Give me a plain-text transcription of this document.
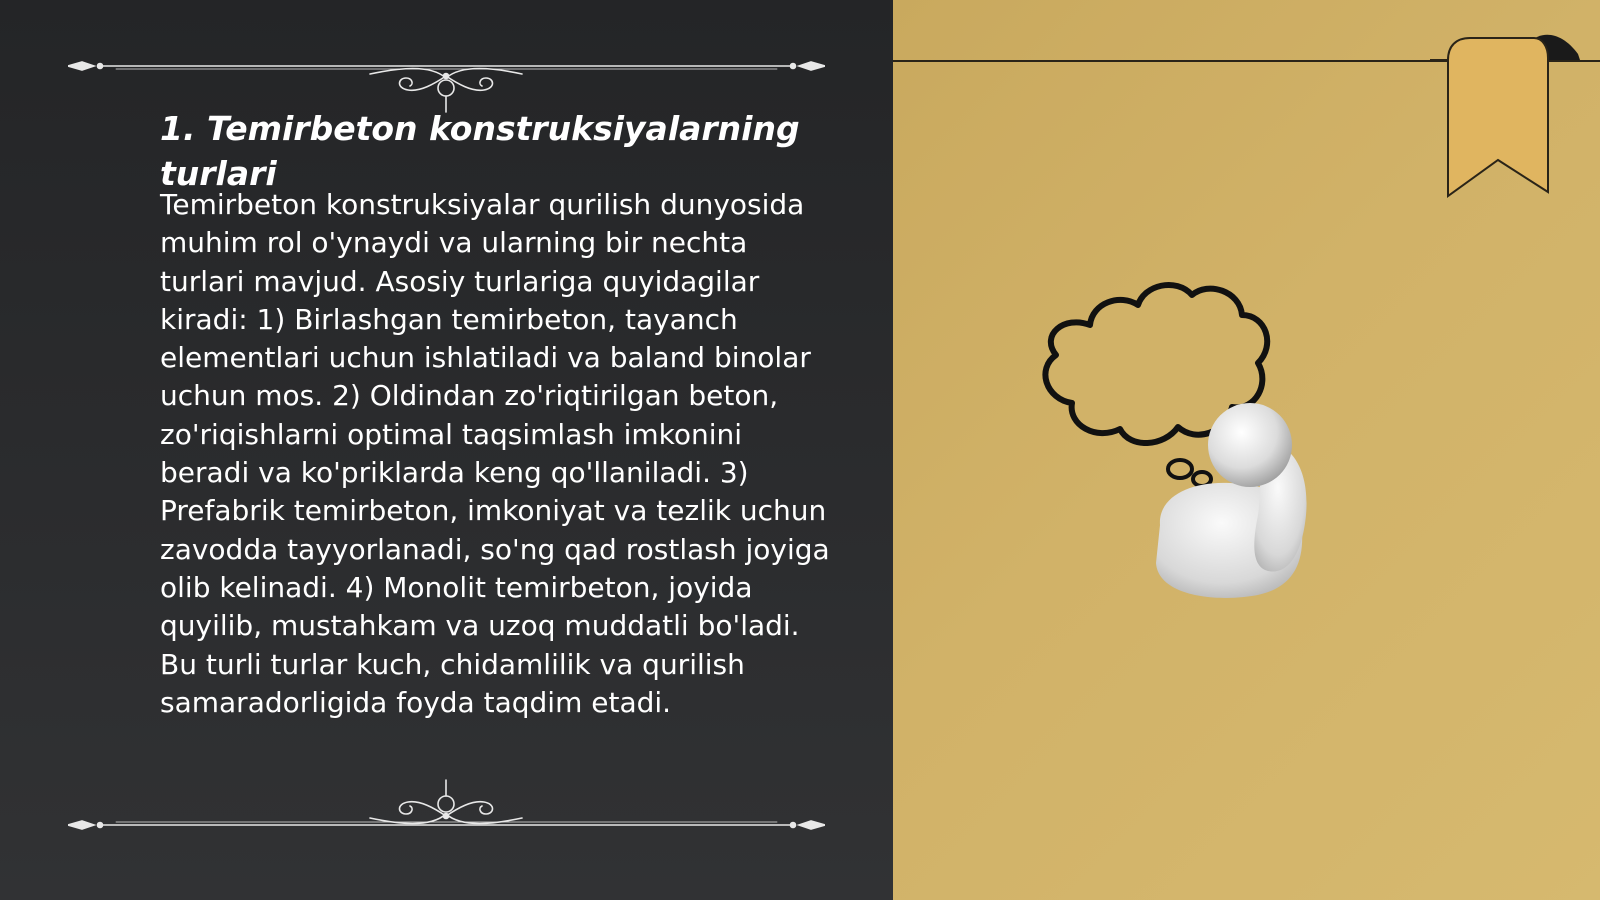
1. Temirbeton konstruksiyalarning turlari

Temirbeton konstruksiyalar qurilish dunyosida muhim rol o'ynaydi va ularning bir nechta turlari mavjud. Asosiy turlariga quyidagilar kiradi: 1) Birlashgan temirbeton, tayanch elementlari uchun ishlatiladi va baland binolar uchun mos. 2) Oldindan zo'riqtirilgan beton, zo'riqishlarni optimal taqsimlash imkonini beradi va ko'priklarda keng qo'llaniladi. 3) Prefabrik temirbeton, imkoniyat va tezlik uchun zavodda tayyorlanadi, so'ng qad rostlash joyiga olib kelinadi. 4) Monolit temirbeton, joyida quyilib, mustahkam va uzoq muddatli bo'ladi. Bu turli turlar kuch, chidamlilik va qurilish samaradorligida foyda taqdim etadi.
